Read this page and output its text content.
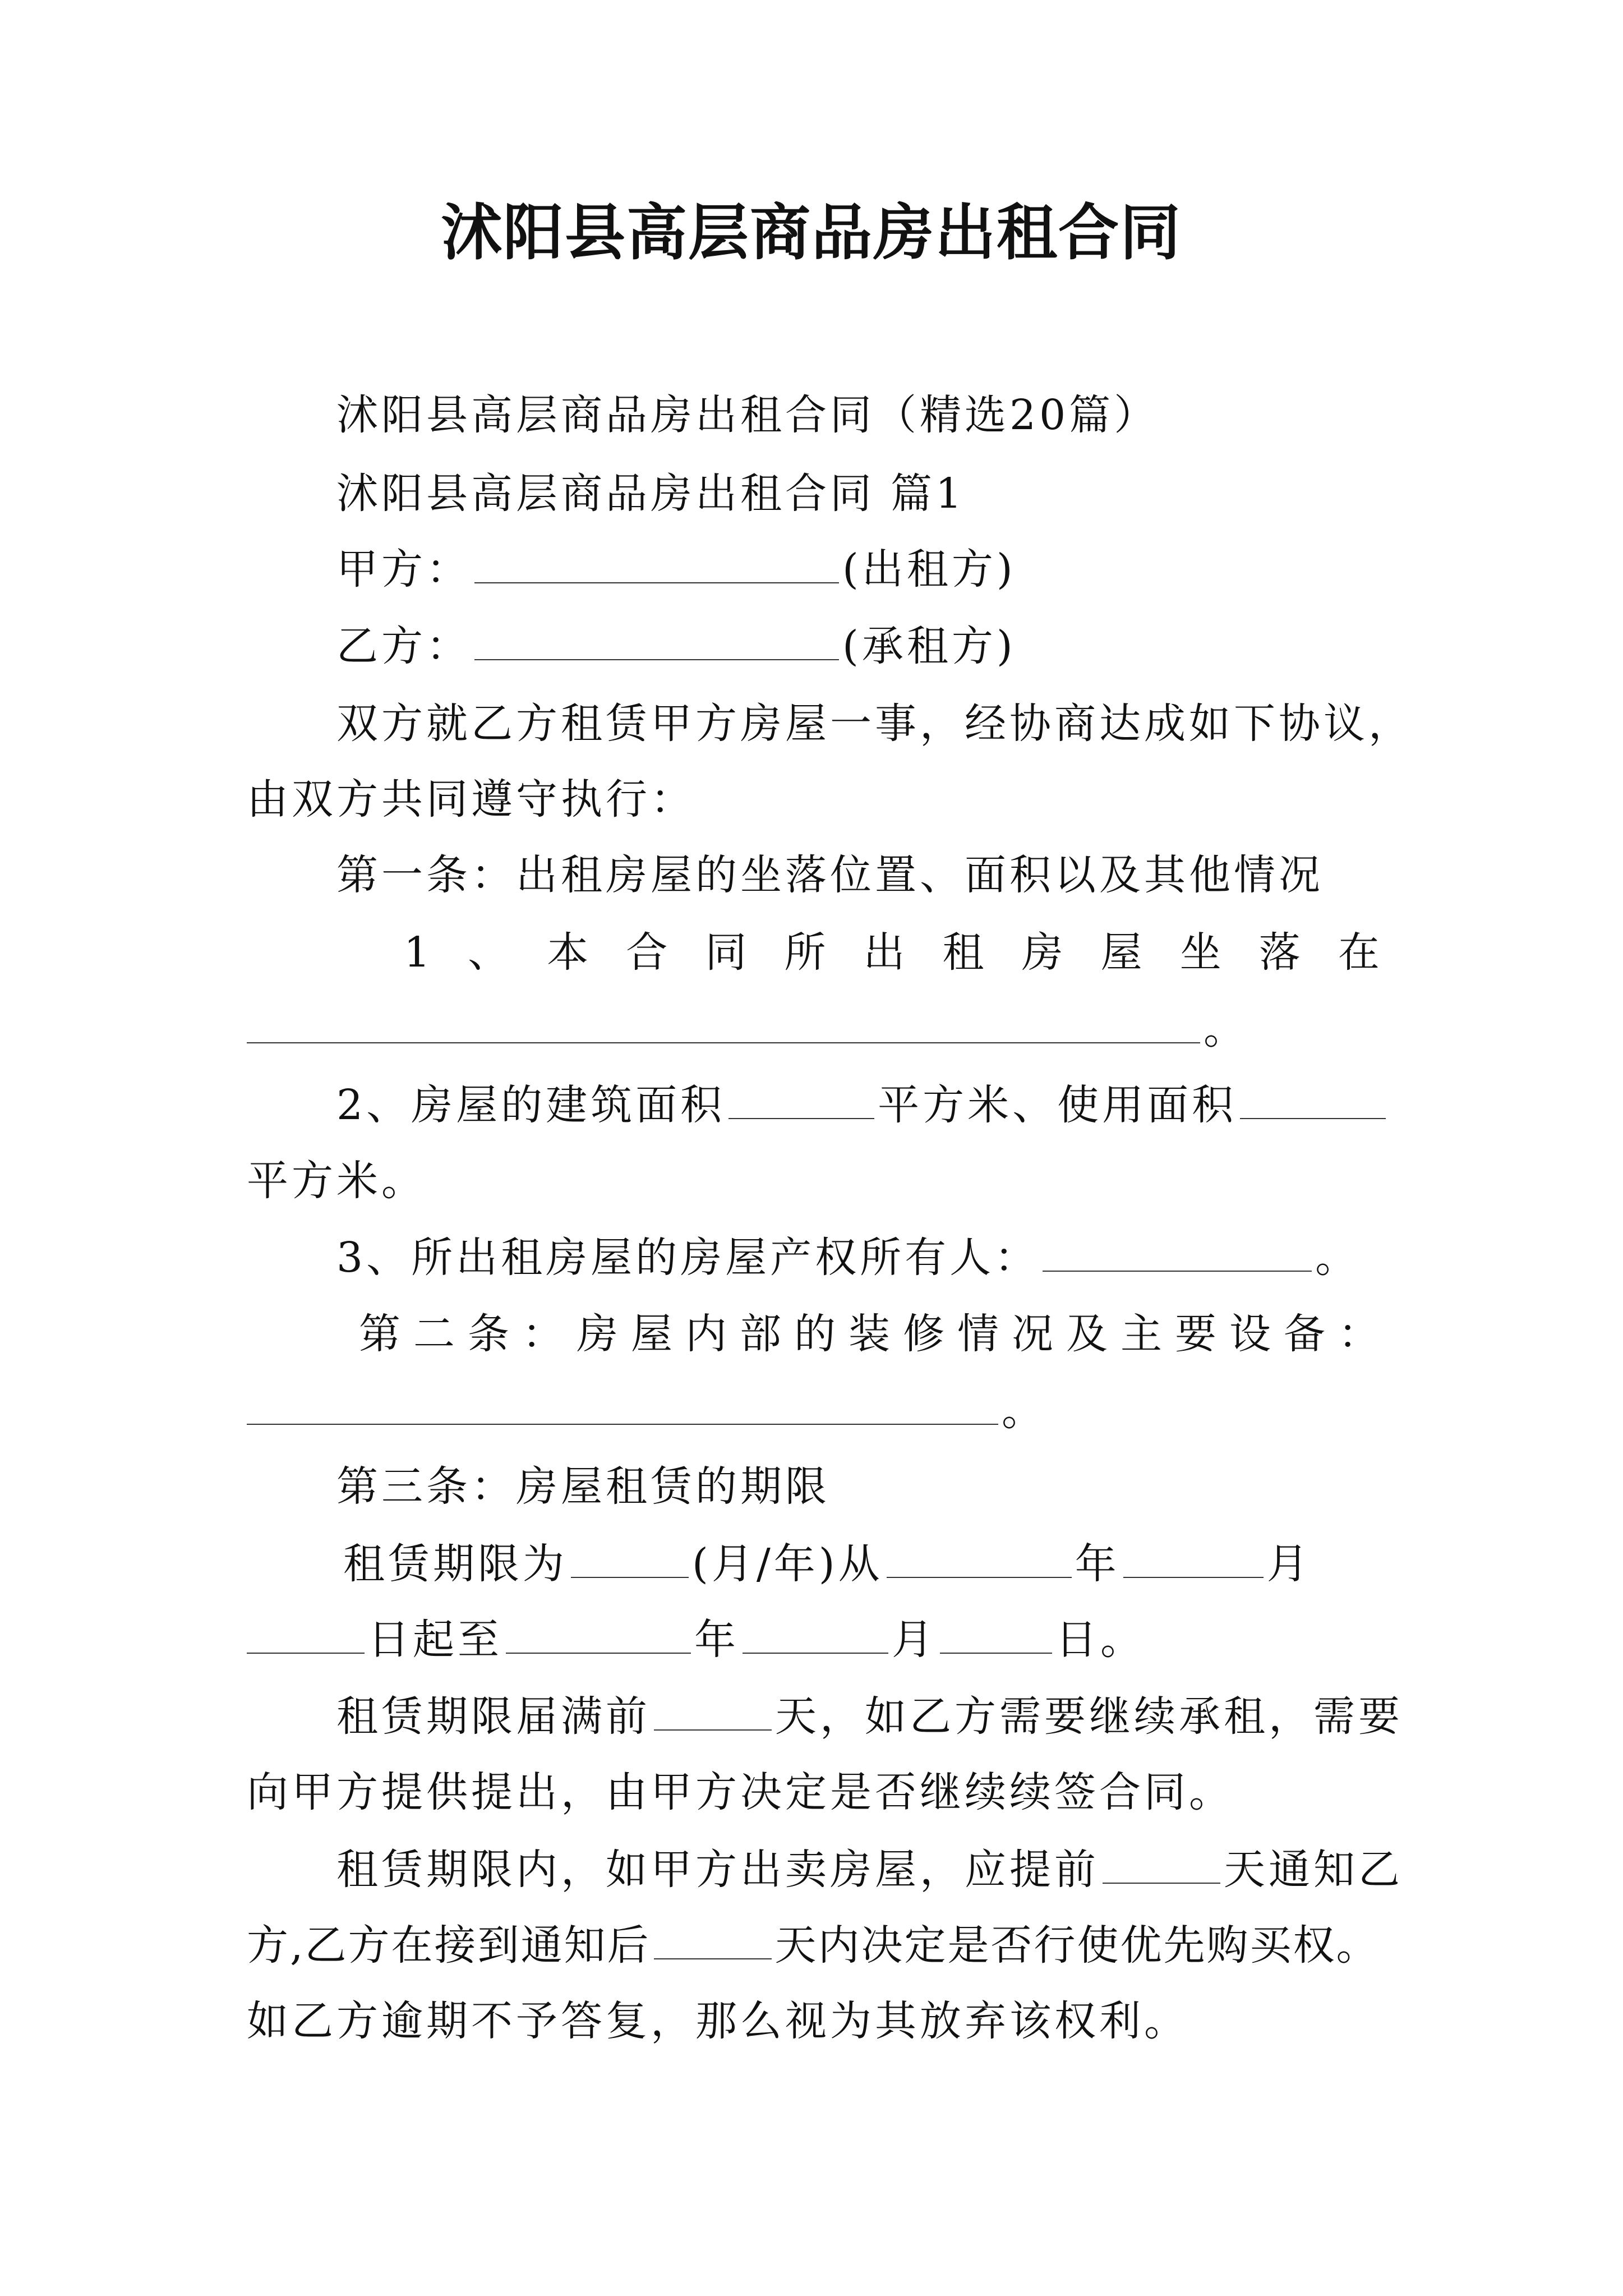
沭阳县高层商品房出租合同
沭阳县高层商品房出租合同（精选20篇）
沭阳县高层商品房出租合同 篇1
甲方：	(出租方)
乙方：	(承租方)
双方就乙方租赁甲方房屋一事，经协商达成如下协议，
由双方共同遵守执行：
第一条：出租房屋的坐落位置、面积以及其他情况
1 、 本 合 同 所 出 租 房 屋 坐 落 在
。
2、房屋的建筑面积	平方米、使用面积
平方米。
3、所出租房屋的房屋产权所有人：	。
第 二 条 ： 房 屋 内 部 的 装 修 情 况 及 主 要 设 备 ：
。
第三条：房屋租赁的期限
租赁期限为	(月/年)从	年	月
日起至	年	月	日。
租赁期限届满前	天，如乙方需要继续承租，需要
向甲方提供提出，由甲方决定是否继续续签合同。
租赁期限内，如甲方出卖房屋，应提前	天通知乙
方,乙方在接到通知后	天内决定是否行使优先购买权。
如乙方逾期不予答复，那么视为其放弃该权利。
